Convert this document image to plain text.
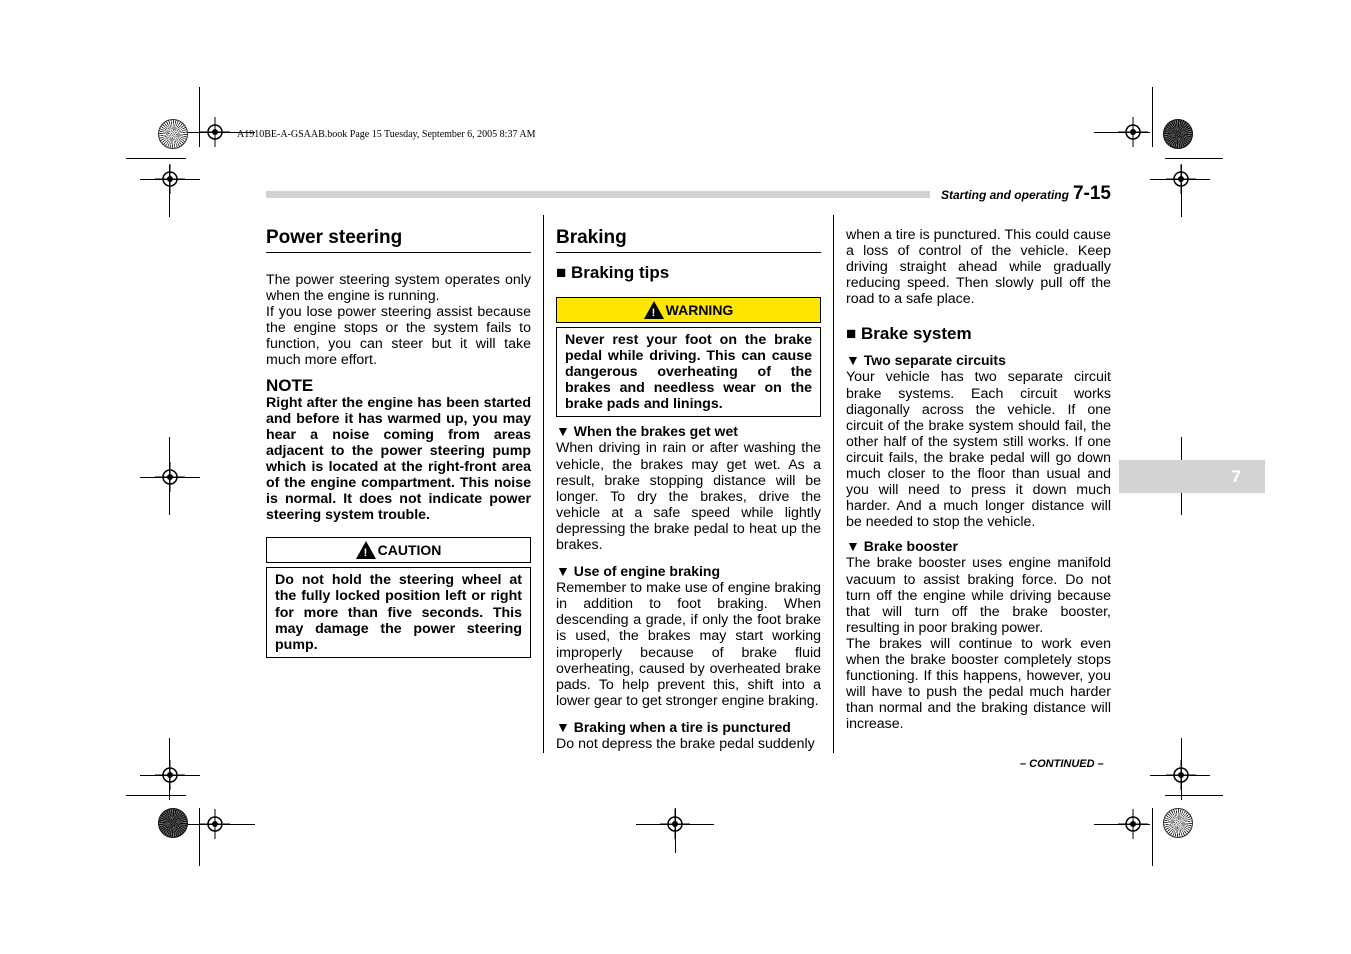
A1910BE-A-GSAAB.book Page 15 Tuesday, September 6, 2005 8:37 AM
Starting and operating 7-15
Power steering

The power steering system operates only when the engine is running.

If you lose power steering assist because the engine stops or the system fails to function, you can steer but it will take much more effort.

NOTE

Right after the engine has been started and before it has warmed up, you may hear a noise coming from areas adjacent to the power steering pump which is located at the right-front area of the engine compartment. This noise is normal. It does not indicate power steering system trouble.

! CAUTION

Do not hold the steering wheel at the fully locked position left or right for more than five seconds. This may damage the power steering pump.

Braking
■ Braking tips
! WARNING

Never rest your foot on the brake pedal while driving. This can cause dangerous overheating of the brakes and needless wear on the brake pads and linings.

▼ When the brakes get wet

When driving in rain or after washing the vehicle, the brakes may get wet. As a result, brake stopping distance will be longer. To dry the brakes, drive the vehicle at a safe speed while lightly depressing the brake pedal to heat up the brakes.

▼ Use of engine braking

Remember to make use of engine braking in addition to foot braking. When descending a grade, if only the foot brake is used, the brakes may start working improperly because of brake fluid overheating, caused by overheated brake pads. To help prevent this, shift into a lower gear to get stronger engine braking.

▼ Braking when a tire is punctured

Do not depress the brake pedal suddenly

when a tire is punctured. This could cause a loss of control of the vehicle. Keep driving straight ahead while gradually reducing speed. Then slowly pull off the road to a safe place.

■ Brake system
▼ Two separate circuits

Your vehicle has two separate circuit brake systems. Each circuit works diagonally across the vehicle. If one circuit of the brake system should fail, the other half of the system still works. If one circuit fails, the brake pedal will go down much closer to the floor than usual and you will need to press it down much harder. And a much longer distance will be needed to stop the vehicle.

▼ Brake booster

The brake booster uses engine manifold vacuum to assist braking force. Do not turn off the engine while driving because that will turn off the brake booster, resulting in poor braking power.

The brakes will continue to work even when the brake booster completely stops functioning. If this happens, however, you will have to push the pedal much harder than normal and the braking distance will increase.

7
– CONTINUED –
